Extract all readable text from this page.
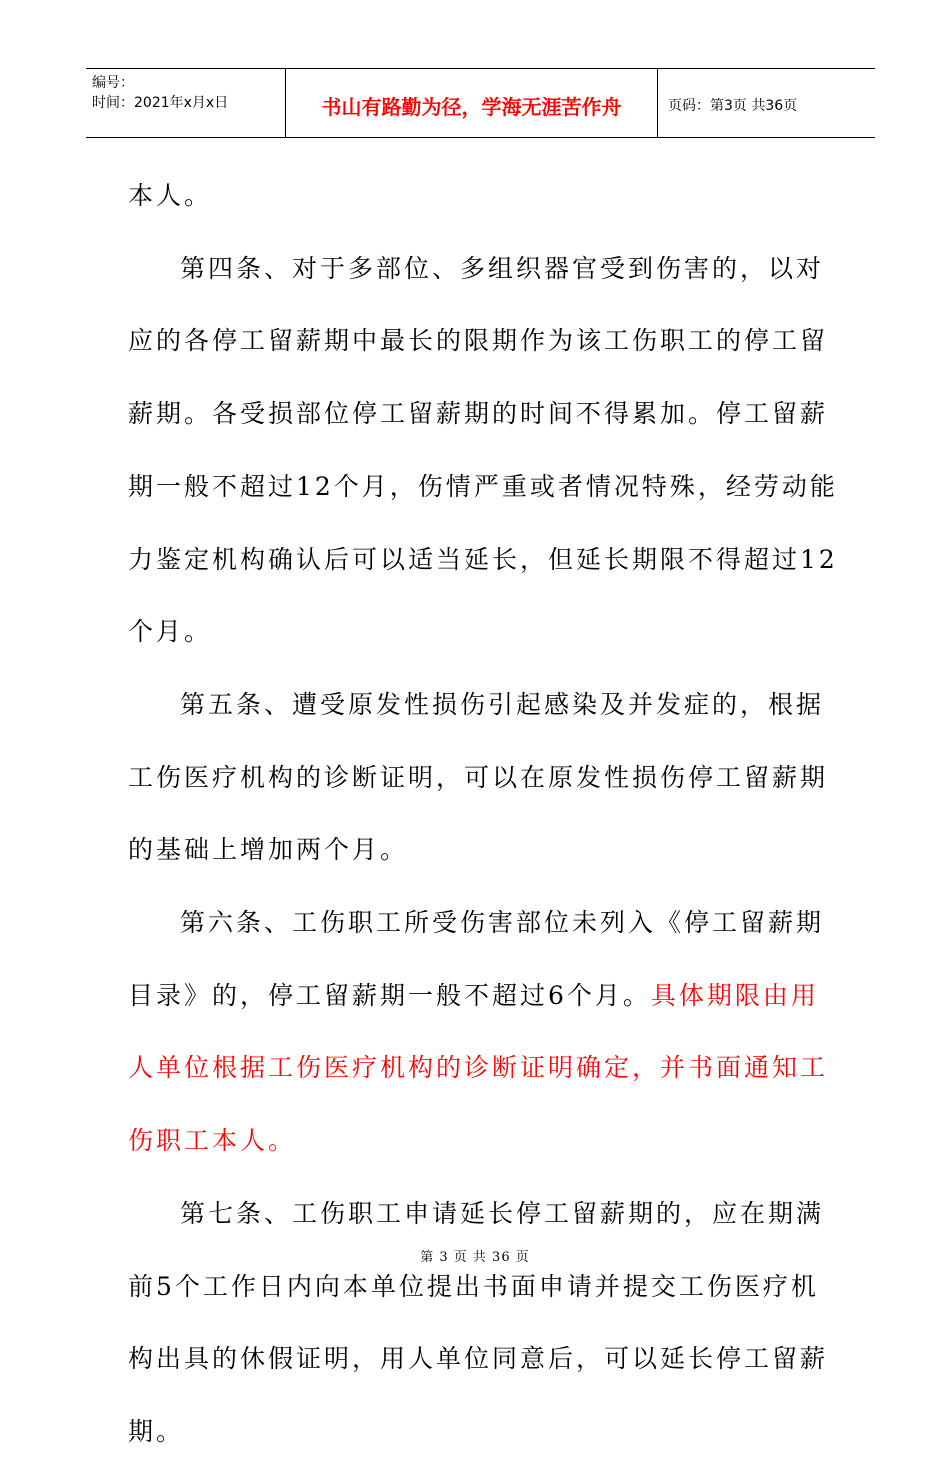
编号：
时间：2021年x月x日	书山有路勤为径，学海无涯苦作舟	页码：第3页 共36页

本人。

第四条、对于多部位、多组织器官受到伤害的，以对应的各停工留薪期中最长的限期作为该工伤职工的停工留薪期。各受损部位停工留薪期的时间不得累加。停工留薪期一般不超过12个月，伤情严重或者情况特殊，经劳动能力鉴定机构确认后可以适当延长，但延长期限不得超过12个月。

第五条、遭受原发性损伤引起感染及并发症的，根据工伤医疗机构的诊断证明，可以在原发性损伤停工留薪期的基础上增加两个月。

第六条、工伤职工所受伤害部位未列入《停工留薪期目录》的，停工留薪期一般不超过6个月。具体期限由用人单位根据工伤医疗机构的诊断证明确定，并书面通知工伤职工本人。

第七条、工伤职工申请延长停工留薪期的，应在期满前5个工作日内向本单位提出书面申请并提交工伤医疗机构出具的休假证明，用人单位同意后，可以延长停工留薪期。

第 3 页 共 36 页
